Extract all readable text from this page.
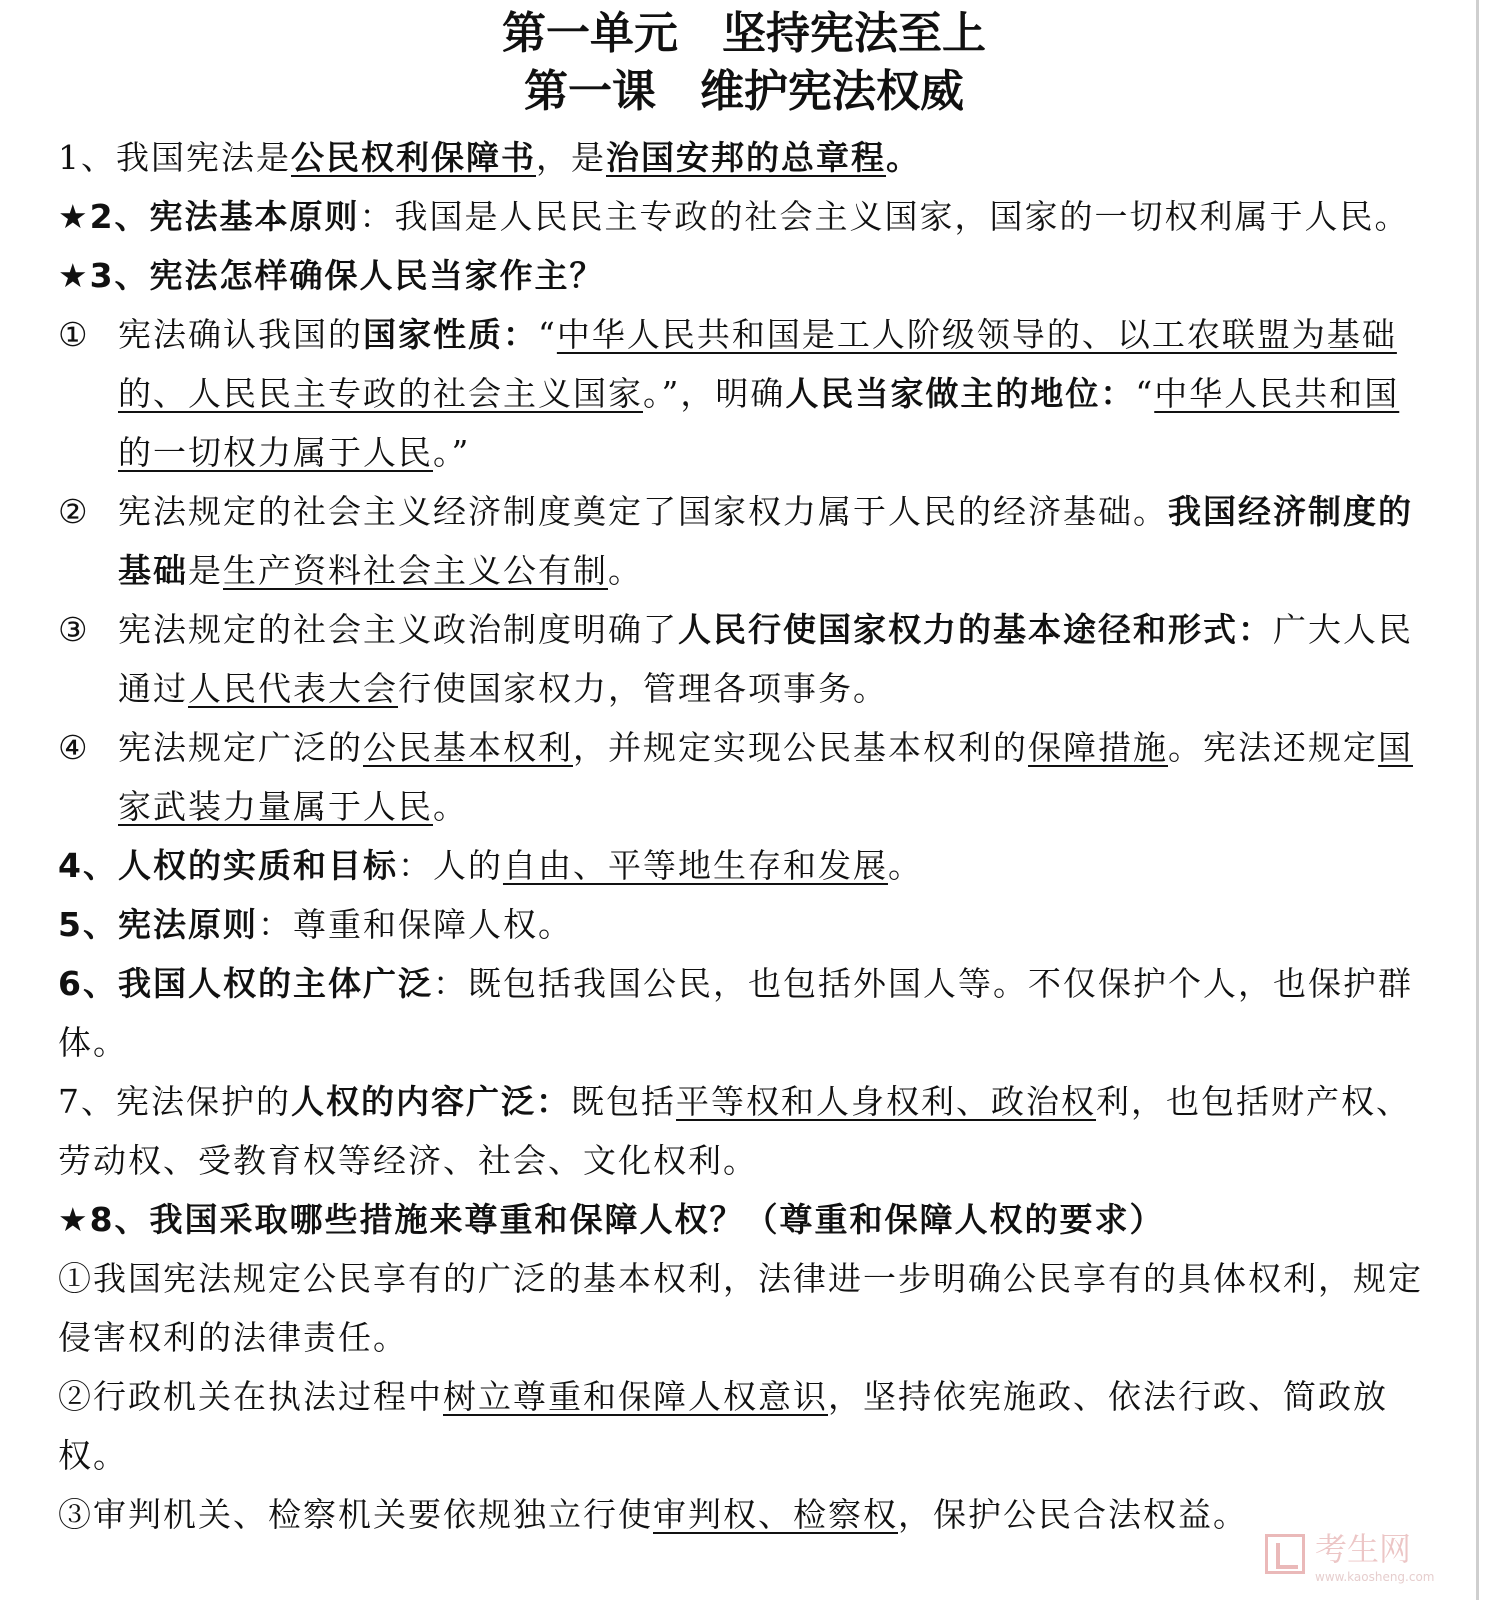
第一单元　坚持宪法至上
第一课　维护宪法权威

1、我国宪法是公民权利保障书，是治国安邦的总章程。

★2、宪法基本原则：我国是人民民主专政的社会主义国家，国家的一切权利属于人民。

★3、宪法怎样确保人民当家作主？

① 宪法确认我国的国家性质：“中华人民共和国是工人阶级领导的、以工农联盟为基础的、人民民主专政的社会主义国家。”，明确人民当家做主的地位：“中华人民共和国的一切权力属于人民。”

② 宪法规定的社会主义经济制度奠定了国家权力属于人民的经济基础。我国经济制度的基础是生产资料社会主义公有制。

③ 宪法规定的社会主义政治制度明确了人民行使国家权力的基本途径和形式：广大人民通过人民代表大会行使国家权力，管理各项事务。

④ 宪法规定广泛的公民基本权利，并规定实现公民基本权利的保障措施。宪法还规定国家武装力量属于人民。

4、人权的实质和目标：人的自由、平等地生存和发展。

5、宪法原则：尊重和保障人权。

6、我国人权的主体广泛：既包括我国公民，也包括外国人等。不仅保护个人，也保护群体。

7、宪法保护的人权的内容广泛：既包括平等权和人身权利、政治权利，也包括财产权、劳动权、受教育权等经济、社会、文化权利。

★8、我国采取哪些措施来尊重和保障人权？（尊重和保障人权的要求）

①我国宪法规定公民享有的广泛的基本权利，法律进一步明确公民享有的具体权利，规定侵害权利的法律责任。

②行政机关在执法过程中树立尊重和保障人权意识，坚持依宪施政、依法行政、简政放权。

③审判机关、检察机关要依规独立行使审判权、检察权，保护公民合法权益。

考生网
www.kaosheng.com
